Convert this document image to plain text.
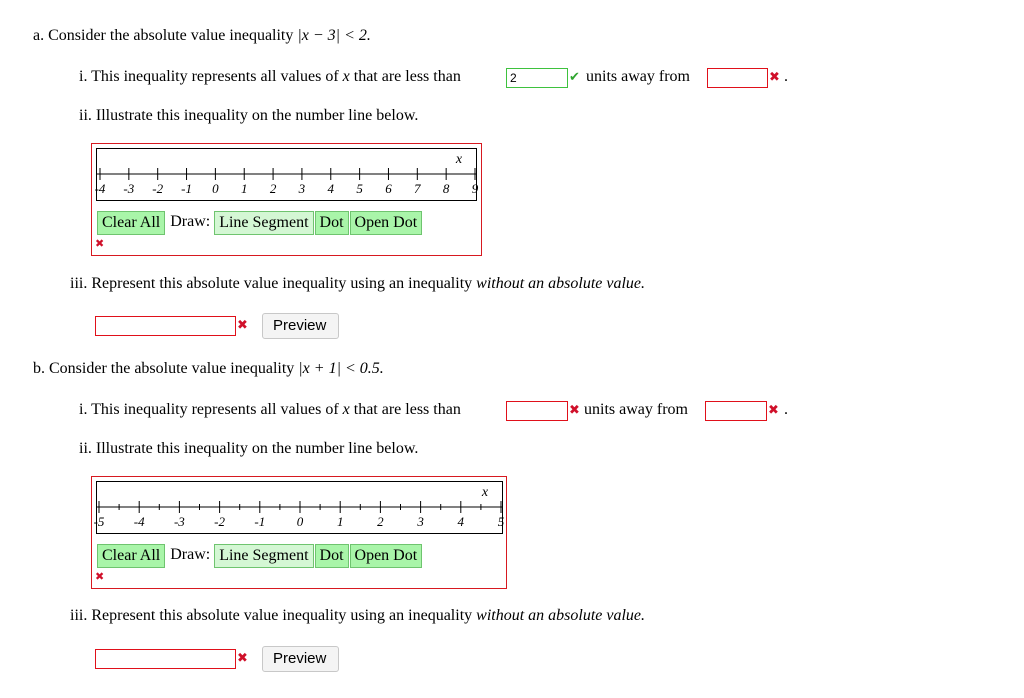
a. Consider the absolute value inequality |x − 3| < 2.
i. This inequality represents all values of x that are less than	2	✔ units away from	✖ .
ii. Illustrate this inequality on the number line below.
-4 -3 -2 -1 0 1 2 3 4 5 6 7 8 9
x
Clear All Draw: Line Segment Dot Open Dot
✖
iii. Represent this absolute value inequality using an inequality without an absolute value.
✖	Preview
b. Consider the absolute value inequality |x + 1| < 0.5.
i. This inequality represents all values of x that are less than	✖ units away from	✖ .
ii. Illustrate this inequality on the number line below.
-5 -4 -3 -2 -1 0	1	2	3	4	5
x
Clear All Draw: Line Segment Dot Open Dot
✖
iii. Represent this absolute value inequality using an inequality without an absolute value.
✖	Preview
